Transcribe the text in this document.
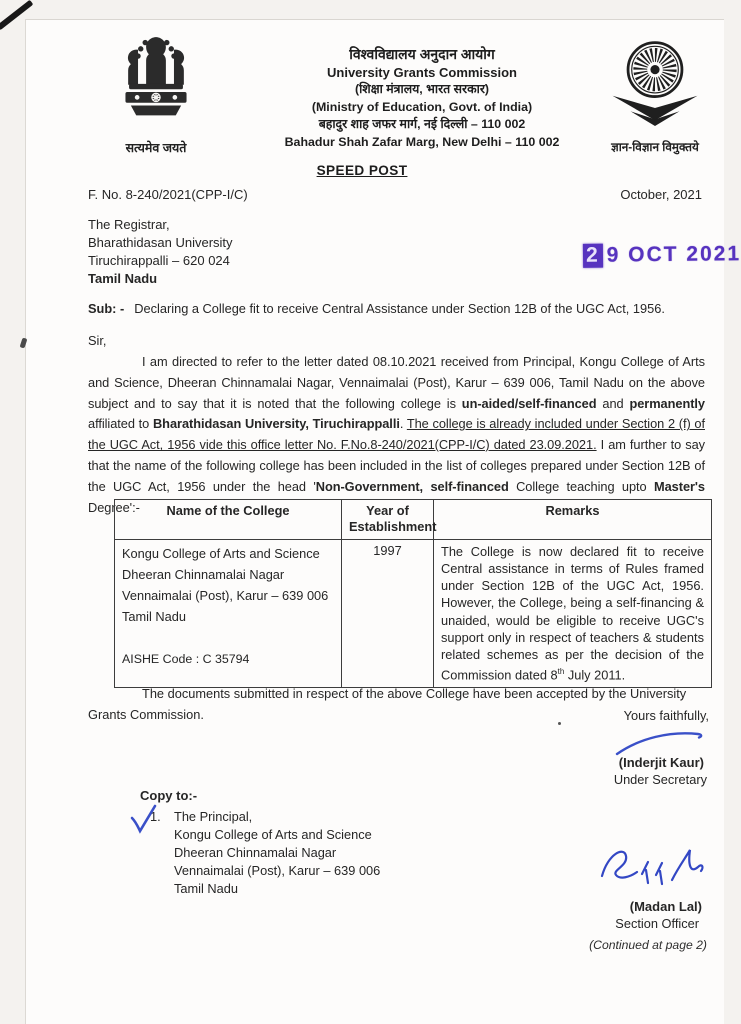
सत्यमेव जयते
विश्वविद्यालय अनुदान आयोग
University Grants Commission
(शिक्षा मंत्रालय, भारत सरकार)
(Ministry of Education, Govt. of India)
बहादुर शाह जफर मार्ग, नई दिल्ली – 110 002
Bahadur Shah Zafar Marg, New Delhi – 110 002	ज्ञान-विज्ञान विमुक्तये
SPEED POST
F. No. 8-240/2021(CPP-I/C)	October, 2021
The Registrar,
Bharathidasan University
Tiruchirappalli – 620 024
Tamil Nadu
2 9 OCT 2021
Sub: - Declaring a College fit to receive Central Assistance under Section 12B of the UGC Act, 1956.
Sir,
I am directed to refer to the letter dated 08.10.2021 received from Principal, Kongu College of Arts and Science, Dheeran Chinnamalai Nagar, Vennaimalai (Post), Karur – 639 006, Tamil Nadu on the above subject and to say that it is noted that the following college is un-aided/self-financed and permanently affiliated to Bharathidasan University, Tiruchirappalli. The college is already included under Section 2 (f) of the UGC Act, 1956 vide this office letter No. F.No.8-240/2021(CPP-I/C) dated 23.09.2021. I am further to say that the name of the following college has been included in the list of colleges prepared under Section 12B of the UGC Act, 1956 under the head 'Non-Government, self-financed College teaching upto Master's Degree':-	Name of the College	Year of Establishment	Remarks

Kongu College of Arts and Science
Dheeran Chinnamalai Nagar
Vennaimalai (Post), Karur – 639 006
Tamil Nadu
AISHE Code : C 35794
	1997	The College is now declared fit to receive Central assistance in terms of Rules framed under Section 12B of the UGC Act, 1956. However, the College, being a self-financing & unaided, would be eligible to receive UGC's support only in respect of teachers & students related schemes as per the decision of the Commission dated 8th July 2011.
The documents submitted in respect of the above College have been accepted by the University Grants Commission.	Yours faithfully,
(Inderjit Kaur)
Under Secretary
Copy to:-
1.	The Principal,
Kongu College of Arts and Science
Dheeran Chinnamalai Nagar
Vennaimalai (Post), Karur – 639 006
Tamil Nadu
(Madan Lal)
Section Officer
(Continued at page 2)
